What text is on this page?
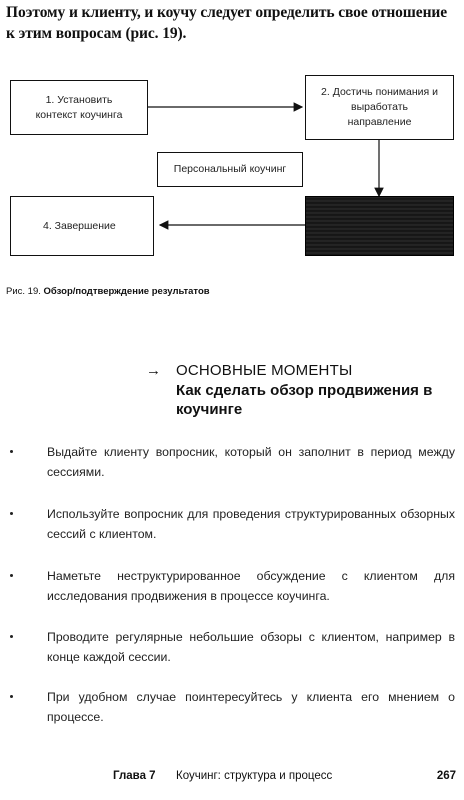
Поэтому и клиенту, и коучу следует определить свое отношение к этим вопросам (рис. 19).
1. Установить контекст коучинга
2. Достичь понимания и выработать направление
Персональный коучинг
4. Завершение
Рис. 19. Обзор/подтверждение результатов
→ ОСНОВНЫЕ МОМЕНТЫ
Как сделать обзор продвижения в коучинге
Выдайте клиенту вопросник, который он заполнит в период между сессиями.
Используйте вопросник для проведения структурированных обзорных сессий с клиентом.
Наметьте неструктурированное обсуждение с клиентом для исследования продвижения в процессе коучинга.
Проводите регулярные небольшие обзоры с клиентом, например в конце каждой сессии.
При удобном случае поинтересуйтесь у клиента его мнением о процессе.
Глава 7 Коучинг: структура и процесс	267
